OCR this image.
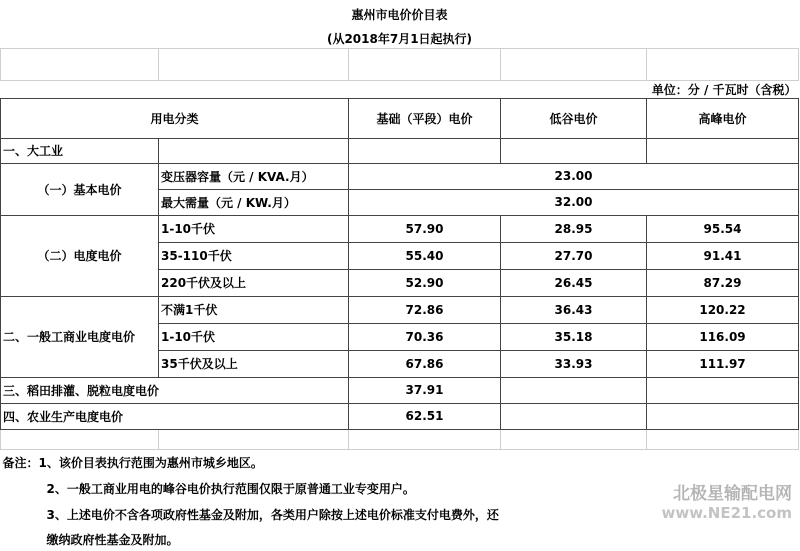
惠州市电价价目表				
(从2018年7月1日起执行)				

单位：分 / 千瓦时（含税）				
用电分类		基础（平段）电价	低谷电价	高峰电价
一、大工业				
（一）基本电价	变压器容量（元 / KVA.月）	23.00		
	最大需量（元 / KW.月）	32.00		
（二）电度电价	1-10千伏	57.90	28.95	95.54
	35-110千伏	55.40	27.70	91.41
	220千伏及以上	52.90	26.45	87.29
二、一般工商业电度电价	不满1千伏	72.86	36.43	120.22
	1-10千伏	70.36	35.18	116.09
	35千伏及以上	67.86	33.93	111.97
三、稻田排灌、脱粒电度电价		37.91		
四、农业生产电度电价		62.51		

备注：1、该价目表执行范围为惠州市城乡地区。				
2、一般工商业用电的峰谷电价执行范围仅限于原普通工业专变用户。				
3、上述电价不含各项政府性基金及附加，各类用户除按上述电价标准支付电费外，还				
缴纳政府性基金及附加。				
北极星输配电网
www.NE21.com
